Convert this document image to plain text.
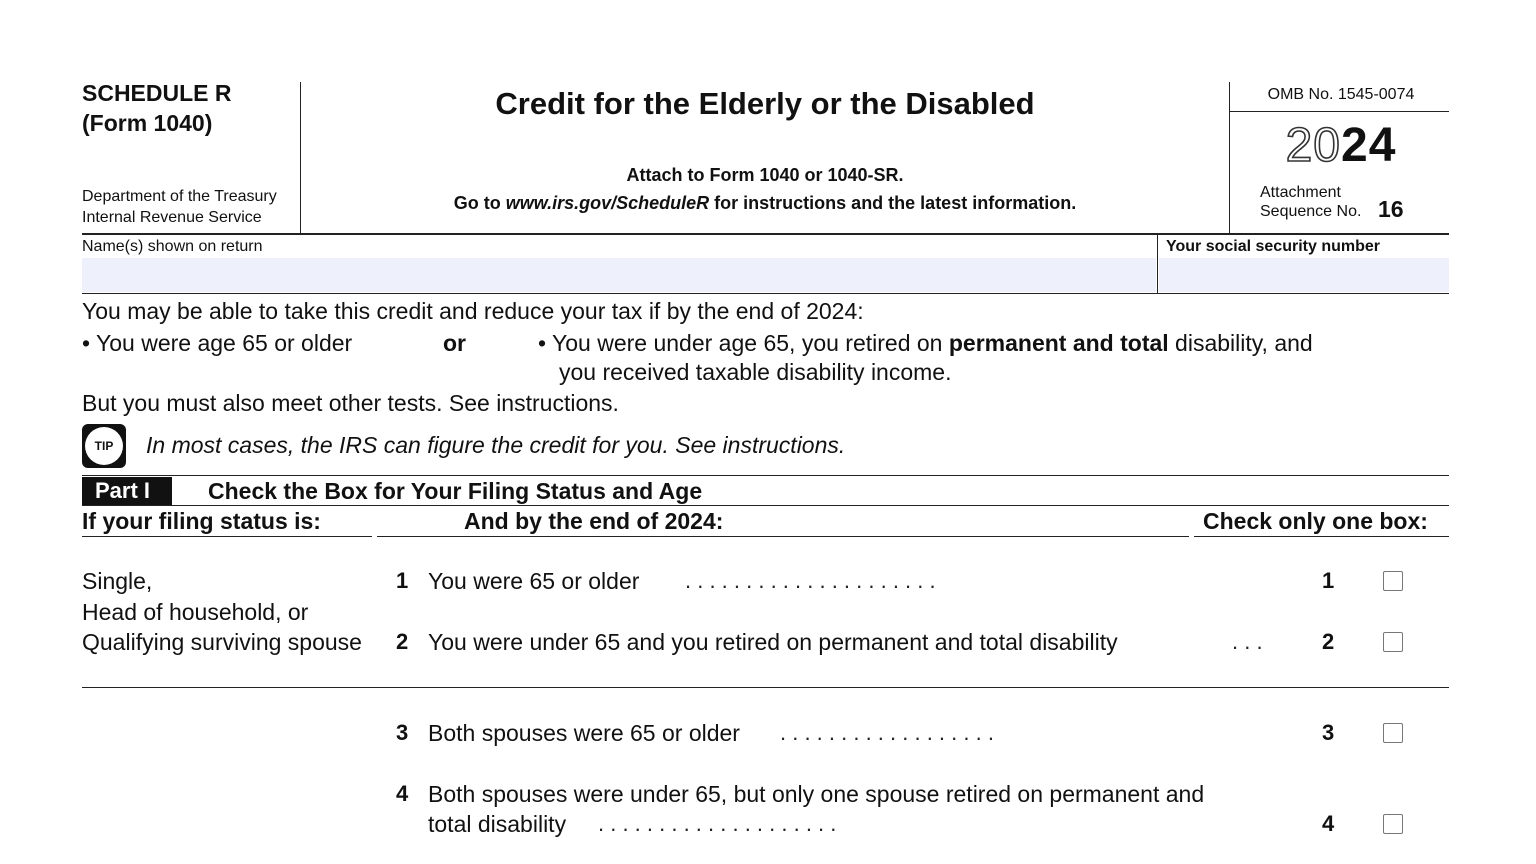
SCHEDULE R
(Form 1040)
Department of the Treasury
Internal Revenue Service
Credit for the Elderly or the Disabled
Attach to Form 1040 or 1040-SR.
Go to www.irs.gov/ScheduleR for instructions and the latest information.
OMB No. 1545-0074
2024
Attachment
Sequence No. 16
Name(s) shown on return	Your social security number
You may be able to take this credit and reduce your tax if by the end of 2024:
• You were age 65 or older	or	• You were under age 65, you retired on permanent and total disability, and
you received taxable disability income.
But you must also meet other tests. See instructions.
TIP	In most cases, the IRS can figure the credit for you. See instructions.
Part I	Check the Box for Your Filing Status and Age
If your filing status is:	And by the end of 2024:	Check only one box:
Single,
Head of household, or
Qualifying surviving spouse
1 You were 65 or older . . . . . . . . . . . . . . . . . . . . .	1
2 You were under 65 and you retired on permanent and total disability	. . .	2
3 Both spouses were 65 or older . . . . . . . . . . . . . . . . . .	3
4 Both spouses were under 65, but only one spouse retired on permanent and
total disability . . . . . . . . . . . . . . . . . . . .	4
